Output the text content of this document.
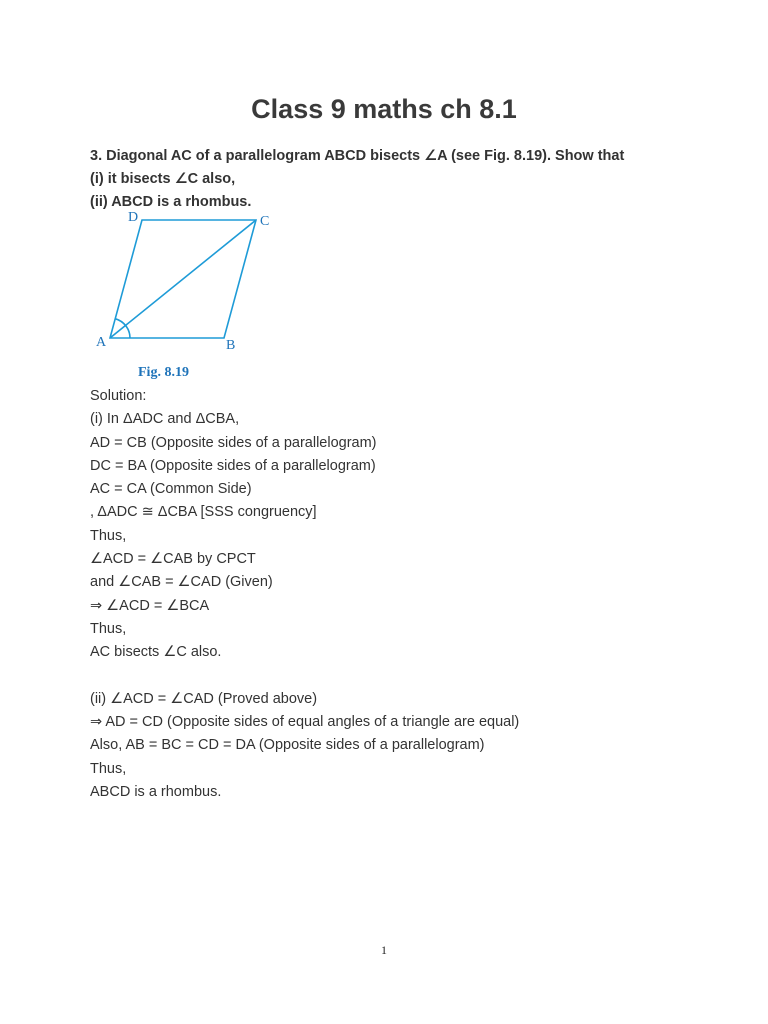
Class 9 maths ch 8.1
3. Diagonal AC of a parallelogram ABCD bisects ∠A (see Fig. 8.19). Show that
(i) it bisects ∠C also,
(ii) ABCD is a rhombus.
D	C
A	B
Fig. 8.19
Solution:
(i) In ΔADC and ΔCBA,
AD = CB (Opposite sides of a parallelogram)
DC = BA (Opposite sides of a parallelogram)
AC = CA (Common Side)
, ΔADC ≅ ΔCBA [SSS congruency]
Thus,
∠ACD = ∠CAB by CPCT
and ∠CAB = ∠CAD (Given)
⇒ ∠ACD = ∠BCA
Thus,
AC bisects ∠C also.
(ii) ∠ACD = ∠CAD (Proved above)
⇒ AD = CD (Opposite sides of equal angles of a triangle are equal)
Also, AB = BC = CD = DA (Opposite sides of a parallelogram)
Thus,
ABCD is a rhombus.
1
